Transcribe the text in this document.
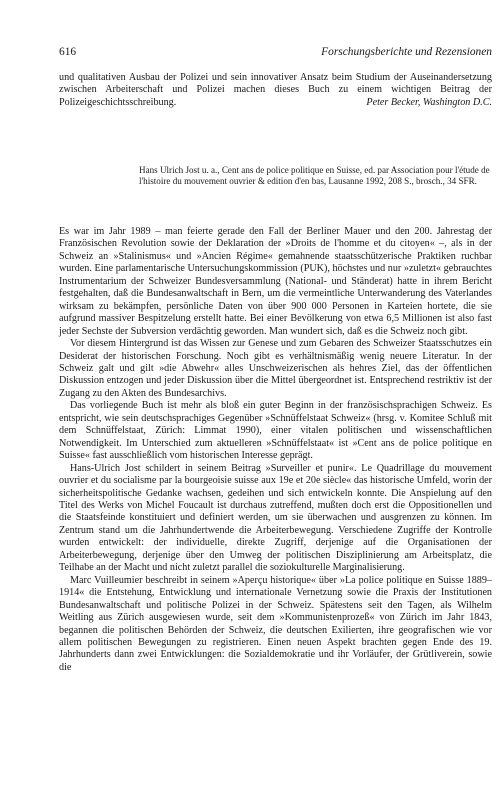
616	Forschungsberichte und Rezensionen

und qualitativen Ausbau der Polizei und sein innovativer Ansatz beim Studium der Auseinandersetzung zwischen Arbeiterschaft und Polizei machen dieses Buch zu einem wichtigen Beitrag der Polizeigeschichtsschreibung.	Peter Becker, Washington D.C.

Hans Ulrich Jost u. a., Cent ans de police politique en Suisse, ed. par Association pour l'étude de l'histoire du mouvement ouvrier & edition d'en bas, Lausanne 1992, 208 S., brosch., 34 SFR.

Es war im Jahr 1989 – man feierte gerade den Fall der Berliner Mauer und den 200. Jahrestag der Französischen Revolution sowie der Deklaration der »Droits de l'homme et du citoyen« –, als in der Schweiz an »Stalinismus« und »Ancien Régime« gemahnende staatsschützerische Praktiken ruchbar wurden. Eine parlamentarische Untersuchungskommission (PUK), höchstes und nur »zuletzt« gebrauchtes Instrumentarium der Schweizer Bundesversammlung (National- und Ständerat) hatte in ihrem Bericht festgehalten, daß die Bundesanwaltschaft in Bern, um die vermeintliche Unterwanderung des Vaterlandes wirksam zu bekämpfen, persönliche Daten von über 900 000 Personen in Karteien hortete, die sie aufgrund massiver Bespitzelung erstellt hatte. Bei einer Bevölkerung von etwa 6,5 Millionen ist also fast jeder Sechste der Subversion verdächtig geworden. Man wundert sich, daß es die Schweiz noch gibt.

Vor diesem Hintergrund ist das Wissen zur Genese und zum Gebaren des Schweizer Staatsschutzes ein Desiderat der historischen Forschung. Noch gibt es verhältnismäßig wenig neuere Literatur. In der Schweiz galt und gilt »die Abwehr« alles Unschweizerischen als hehres Ziel, das der öffentlichen Diskussion entzogen und jeder Diskussion über die Mittel übergeordnet ist. Entsprechend restriktiv ist der Zugang zu den Akten des Bundesarchivs.

Das vorliegende Buch ist mehr als bloß ein guter Beginn in der französischsprachigen Schweiz. Es entspricht, wie sein deutschsprachiges Gegenüber »Schnüffelstaat Schweiz« (hrsg. v. Komitee Schluß mit dem Schnüffelstaat, Zürich: Limmat 1990), einer vitalen politischen und wissenschaftlichen Notwendigkeit. Im Unterschied zum aktuelleren »Schnüffelstaat« ist »Cent ans de police politique en Suisse« fast ausschließlich vom historischen Interesse geprägt.

Hans-Ulrich Jost schildert in seinem Beitrag »Surveiller et punir«. Le Quadrillage du mouvement ouvrier et du socialisme par la bourgeoisie suisse aux 19e et 20e siècle« das historische Umfeld, worin der sicherheitspolitische Gedanke wachsen, gedeihen und sich entwickeln konnte. Die Anspielung auf den Titel des Werks von Michel Foucault ist durchaus zutreffend, mußten doch erst die Oppositionellen und die Staatsfeinde konstituiert und definiert werden, um sie überwachen und ausgrenzen zu können. Im Zentrum stand um die Jahrhundertwende die Arbeiterbewegung. Verschiedene Zugriffe der Kontrolle wurden entwickelt: der individuelle, direkte Zugriff, derjenige auf die Organisationen der Arbeiterbewegung, derjenige über den Umweg der politischen Disziplinierung am Arbeitsplatz, die Teilhabe an der Macht und nicht zuletzt parallel die soziokulturelle Marginalisierung.

Marc Vuilleumier beschreibt in seinem »Aperçu historique« über »La police politique en Suisse 1889–1914« die Entstehung, Entwicklung und internationale Vernetzung sowie die Praxis der Institutionen Bundesanwaltschaft und politische Polizei in der Schweiz. Spätestens seit den Tagen, als Wilhelm Weitling aus Zürich ausgewiesen wurde, seit dem »Kommunistenprozeß« von Zürich im Jahr 1843, begannen die politischen Behörden der Schweiz, die deutschen Exilierten, ihre geografischen wie vor allem politischen Bewegungen zu registrieren. Einen neuen Aspekt brachten gegen Ende des 19. Jahrhunderts dann zwei Entwicklungen: die Sozialdemokratie und ihr Vorläufer, der Grütliverein, sowie die
